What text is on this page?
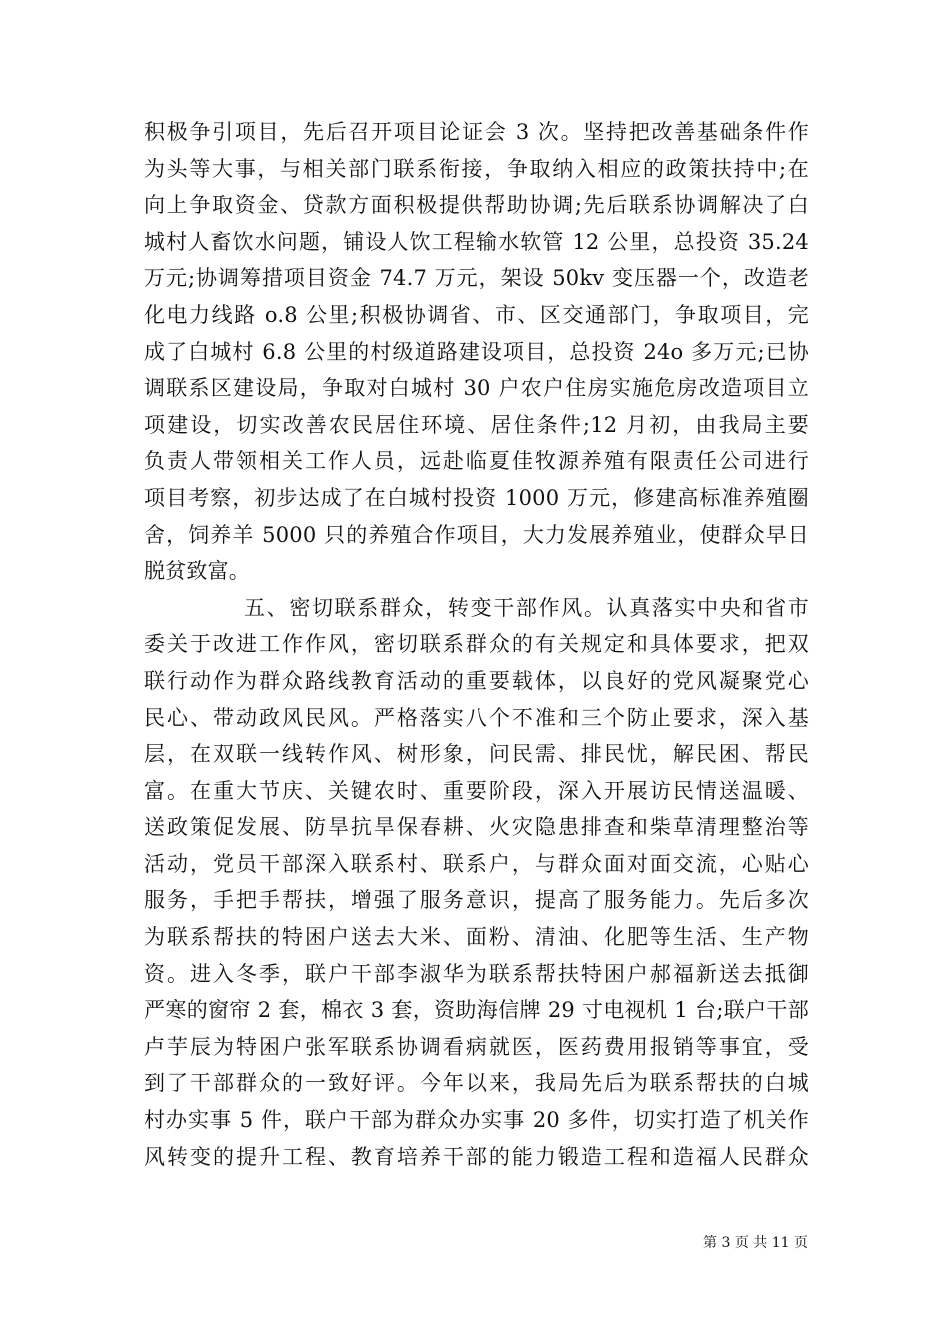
积极争引项目，先后召开项目论证会 3 次。坚持把改善基础条件作
为头等大事，与相关部门联系衔接，争取纳入相应的政策扶持中;在
向上争取资金、贷款方面积极提供帮助协调;先后联系协调解决了白
城村人畜饮水问题，铺设人饮工程输水软管 12 公里，总投资 35.24
万元;协调筹措项目资金 74.7 万元，架设 50kv 变压器一个，改造老
化电力线路 o.8 公里;积极协调省、市、区交通部门，争取项目，完
成了白城村 6.8 公里的村级道路建设项目，总投资 24o 多万元;已协
调联系区建设局，争取对白城村 30 户农户住房实施危房改造项目立
项建设，切实改善农民居住环境、居住条件;12 月初，由我局主要
负责人带领相关工作人员，远赴临夏佳牧源养殖有限责任公司进行
项目考察，初步达成了在白城村投资 1000 万元，修建高标准养殖圈
舍，饲养羊 5000 只的养殖合作项目，大力发展养殖业，使群众早日
脱贫致富。
五、密切联系群众，转变干部作风。认真落实中央和省市
委关于改进工作作风，密切联系群众的有关规定和具体要求，把双
联行动作为群众路线教育活动的重要载体，以良好的党风凝聚党心
民心、带动政风民风。严格落实八个不准和三个防止要求，深入基
层，在双联一线转作风、树形象，问民需、排民忧，解民困、帮民
富。在重大节庆、关键农时、重要阶段，深入开展访民情送温暖、
送政策促发展、防旱抗旱保春耕、火灾隐患排查和柴草清理整治等
活动，党员干部深入联系村、联系户，与群众面对面交流，心贴心
服务，手把手帮扶，增强了服务意识，提高了服务能力。先后多次
为联系帮扶的特困户送去大米、面粉、清油、化肥等生活、生产物
资。进入冬季，联户干部李淑华为联系帮扶特困户郝福新送去抵御
严寒的窗帘 2 套，棉衣 3 套，资助海信牌 29 寸电视机 1 台;联户干部
卢芋辰为特困户张军联系协调看病就医，医药费用报销等事宜，受
到了干部群众的一致好评。今年以来，我局先后为联系帮扶的白城
村办实事 5 件，联户干部为群众办实事 20 多件，切实打造了机关作
风转变的提升工程、教育培养干部的能力锻造工程和造福人民群众
第 3 页 共 11 页
